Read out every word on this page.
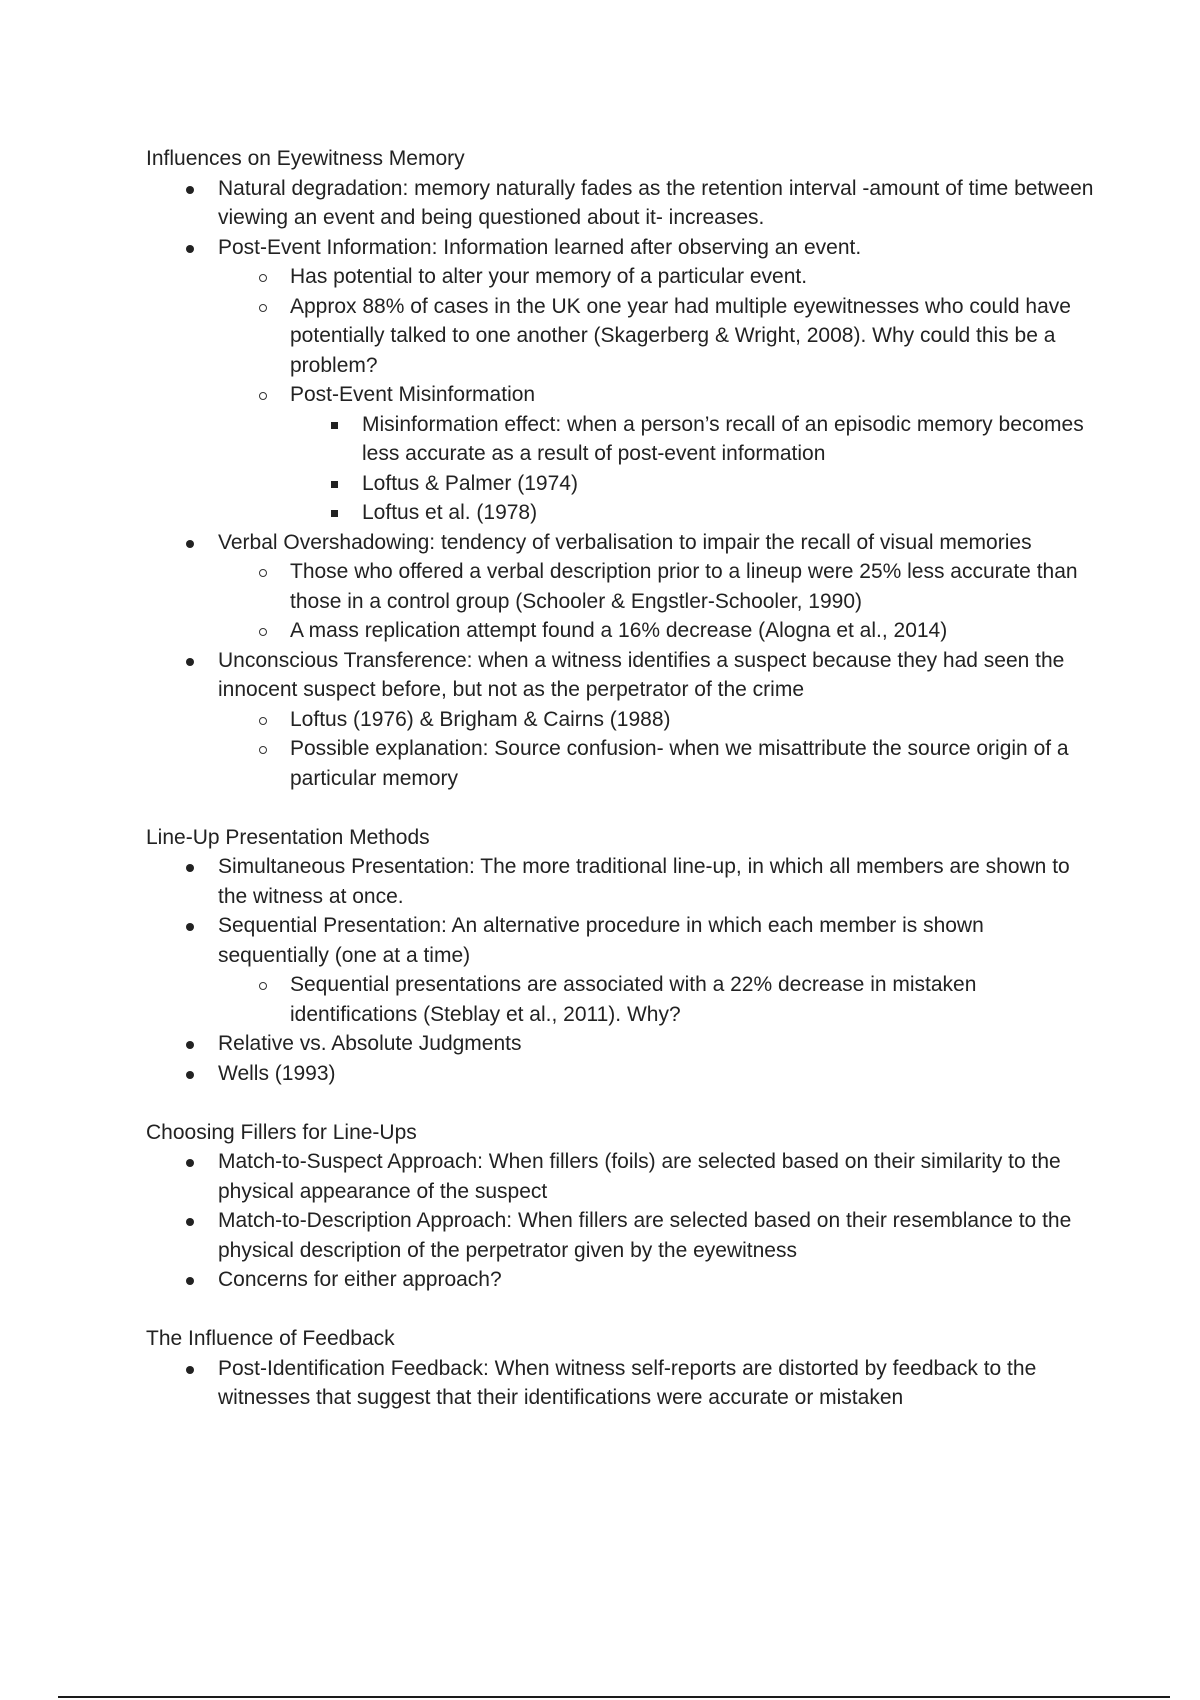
Influences on Eyewitness Memory
Natural degradation: memory naturally fades as the retention interval -amount of time between viewing an event and being questioned about it- increases.
Post-Event Information: Information learned after observing an event.
Has potential to alter your memory of a particular event.
Approx 88% of cases in the UK one year had multiple eyewitnesses who could have potentially talked to one another (Skagerberg & Wright, 2008). Why could this be a problem?
Post-Event Misinformation
Misinformation effect: when a person’s recall of an episodic memory becomes less accurate as a result of post-event information
Loftus & Palmer (1974)
Loftus et al. (1978)
Verbal Overshadowing: tendency of verbalisation to impair the recall of visual memories
Those who offered a verbal description prior to a lineup were 25% less accurate than those in a control group (Schooler & Engstler-Schooler, 1990)
A mass replication attempt found a 16% decrease (Alogna et al., 2014)
Unconscious Transference: when a witness identifies a suspect because they had seen the innocent suspect before, but not as the perpetrator of the crime
Loftus (1976) & Brigham & Cairns (1988)
Possible explanation: Source confusion- when we misattribute the source origin of a particular memory
Line-Up Presentation Methods
Simultaneous Presentation: The more traditional line-up, in which all members are shown to the witness at once.
Sequential Presentation: An alternative procedure in which each member is shown sequentially (one at a time)
Sequential presentations are associated with a 22% decrease in mistaken identifications (Steblay et al., 2011). Why?
Relative vs. Absolute Judgments
Wells (1993)
Choosing Fillers for Line-Ups
Match-to-Suspect Approach: When fillers (foils) are selected based on their similarity to the physical appearance of the suspect
Match-to-Description Approach: When fillers are selected based on their resemblance to the physical description of the perpetrator given by the eyewitness
Concerns for either approach?
The Influence of Feedback
Post-Identification Feedback: When witness self-reports are distorted by feedback to the witnesses that suggest that their identifications were accurate or mistaken
